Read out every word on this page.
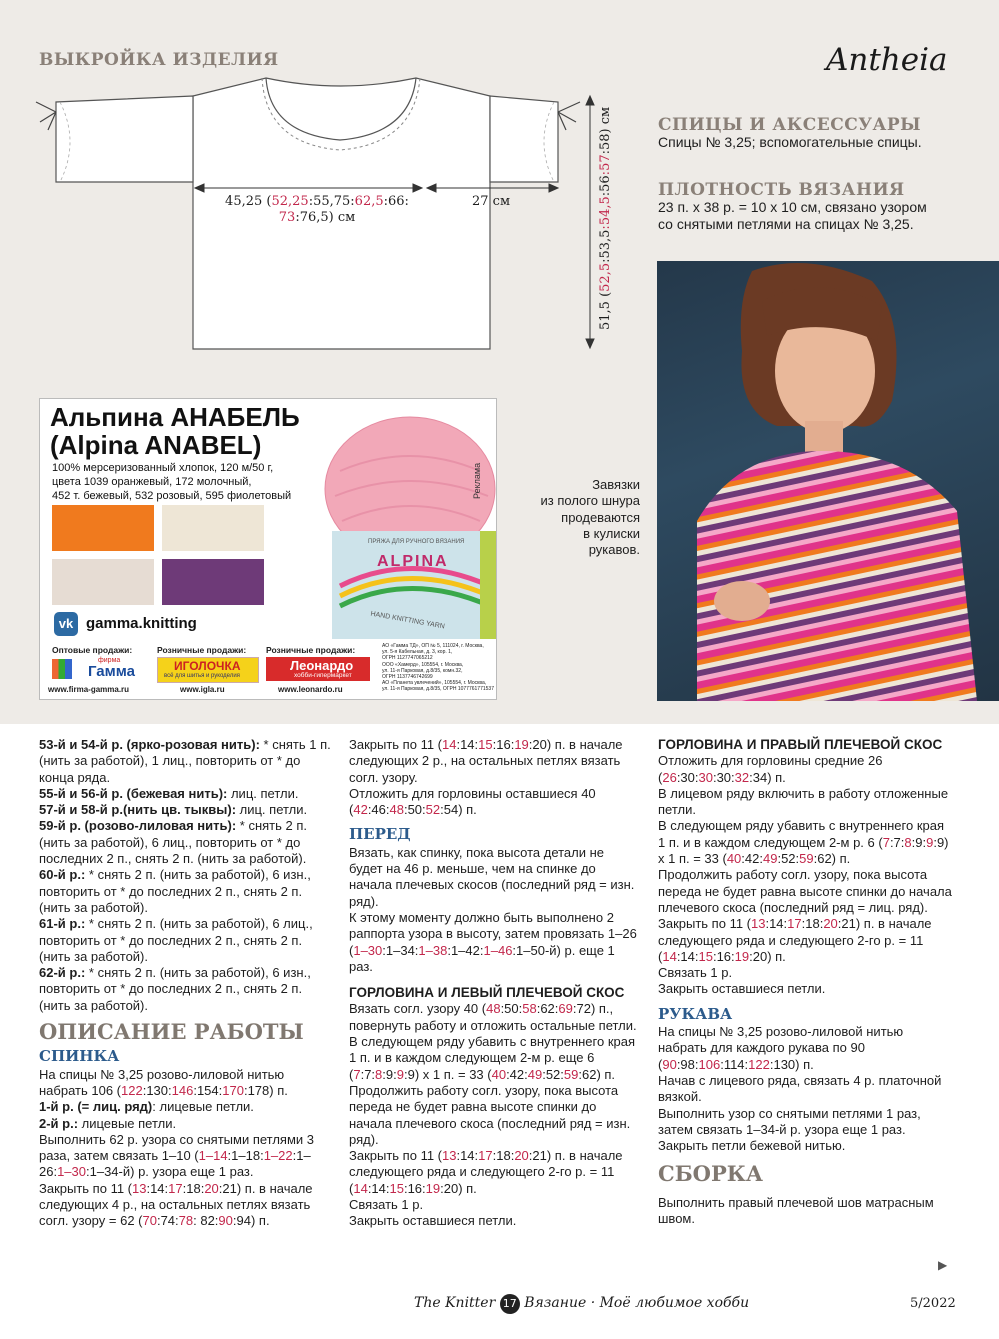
ВЫКРОЙКА ИЗДЕЛИЯ	Antheia
45,25 (52,25:55,75:62,5:66:
73:76,5) см
27 см
51,5 (52,5:53,5:54,5:56:57:58) см	СПИЦЫ И АКСЕССУАРЫ
Спицы № 3,25; вспомогательные спицы.
ПЛОТНОСТЬ ВЯЗАНИЯ
23 п. х 38 р. = 10 х 10 см, связано узором
со снятыми петлями на спицах № 3,25.
Альпина АНАБЕЛЬ
(Alpina ANABEL)
100% мерсеризованный хлопок, 120 м/50 г,
цвета 1039 оранжевый, 172 молочный,
452 т. бежевый, 532 розовый, 595 фиолетовый
ALPINA
ПРЯЖА ДЛЯ РУЧНОГО ВЯЗАНИЯ
HAND KNITTING YARN
Реклама
vk gamma.knitting
Оптовые продажи:	Розничные продажи: Розничные продажи:
фирма
Гамма	ИГОЛОЧКА
всё для шитья и рукоделия
Леонардо
хобби-гипермаркет
www.firma-gamma.ru	www.igla.ru	www.leonardo.ru
АО «Гамма ТД», ОП № 5, 111024, г. Москва,
ул. 5-я Кабельная, д. 3, кор. 1,
ОГРН 1127747065212
ООО «Хамерд», 105554, г. Москва,
ул. 11-я Парковая, д.8/35, комн.32,
ОГРН 1137746742699
АО «Планета увлечений», 105554, г. Москва,
ул. 11-я Парковая, д.8/35, ОГРН 1077761771537
Завязки
из полого шнура
продеваются
в кулиски
рукавов.

53-й и 54-й р. (ярко-розовая нить): * снять 1 п. (нить за работой), 1 лиц., повторить от * до конца ряда.

55-й и 56-й р. (бежевая нить): лиц. петли.

57-й и 58-й р.(нить цв. тыквы): лиц. петли.

59-й р. (розово-лиловая нить): * снять 2 п. (нить за работой), 6 лиц., повторить от * до последних 2 п., снять 2 п. (нить за работой).

60-й р.: * снять 2 п. (нить за работой), 6 изн., повторить от * до последних 2 п., снять 2 п. (нить за работой).

61-й р.: * снять 2 п. (нить за работой), 6 лиц., повторить от * до последних 2 п., снять 2 п. (нить за работой).

62-й р.: * снять 2 п. (нить за работой), 6 изн., повторить от * до последних 2 п., снять 2 п. (нить за работой).

ОПИСАНИЕ РАБОТЫ

СПИНКА

На спицы № 3,25 розово-лиловой нитью набрать 106 (122:130:146:154:170:178) п.

1-й р. (= лиц. ряд): лицевые петли.

2-й р.: лицевые петли.

Выполнить 62 р. узора со снятыми петлями 3 раза, затем связать 1–10 (1–14:1–18:1–22:1–26:1–30:1–34-й) р. узора еще 1 раз.

Закрыть по 11 (13:14:17:18:20:21) п. в начале следующих 4 р., на остальных петлях вязать согл. узору = 62 (70:74:78: 82:90:94) п.

Закрыть по 11 (14:14:15:16:19:20) п. в начале следующих 2 р., на остальных петлях вязать согл. узору.

Отложить для горловины оставшиеся 40 (42:46:48:50:52:54) п.

ПЕРЕД

Вязать, как спинку, пока высота детали не будет на 46 р. меньше, чем на спинке до начала плечевых скосов (последний ряд = изн. ряд).

К этому моменту должно быть выполнено 2 раппорта узора в высоту, затем провязать 1–26 (1–30:1–34:1–38:1–42:1–46:1–50-й) р. еще 1 раз.

ГОРЛОВИНА И ЛЕВЫЙ ПЛЕЧЕВОЙ СКОС

Вязать согл. узору 40 (48:50:58:62:69:72) п., повернуть работу и отложить остальные петли.

В следующем ряду убавить с внутреннего края 1 п. и в каждом следующем 2-м р. еще 6 (7:7:8:9:9:9) х 1 п. = 33 (40:42:49:52:59:62) п.

Продолжить работу согл. узору, пока высота переда не будет равна высоте спинки до начала плечевого скоса (последний ряд = изн. ряд).

Закрыть по 11 (13:14:17:18:20:21) п. в начале следующего ряда и следующего 2-го р. = 11 (14:14:15:16:19:20) п.

Связать 1 р.

Закрыть оставшиеся петли.

ГОРЛОВИНА И ПРАВЫЙ ПЛЕЧЕВОЙ СКОС

Отложить для горловины средние 26 (26:30:30:30:32:34) п.

В лицевом ряду включить в работу отложенные петли.

В следующем ряду убавить с внутреннего края 1 п. и в каждом следующем 2-м р. 6 (7:7:8:9:9:9) х 1 п. = 33 (40:42:49:52:59:62) п.

Продолжить работу согл. узору, пока высота переда не будет равна высоте спинки до начала плечевого скоса (последний ряд = лиц. ряд).

Закрыть по 11 (13:14:17:18:20:21) п. в начале следующего ряда и следующего 2-го р. = 11 (14:14:15:16:19:20) п.

Связать 1 р.

Закрыть оставшиеся петли.

РУКАВА

На спицы № 3,25 розово-лиловой нитью набрать для каждого рукава по 90 (90:98:106:114:122:130) п.

Начав с лицевого ряда, связать 4 р. платочной вязкой.

Выполнить узор со снятыми петлями 1 раз, затем связать 1–34-й р. узора еще 1 раз.

Закрыть петли бежевой нитью.

СБОРКА

Выполнить правый плечевой шов матрасным швом.

▶
The Knitter 17 Вязание · Моё любимое хобби	5/2022
